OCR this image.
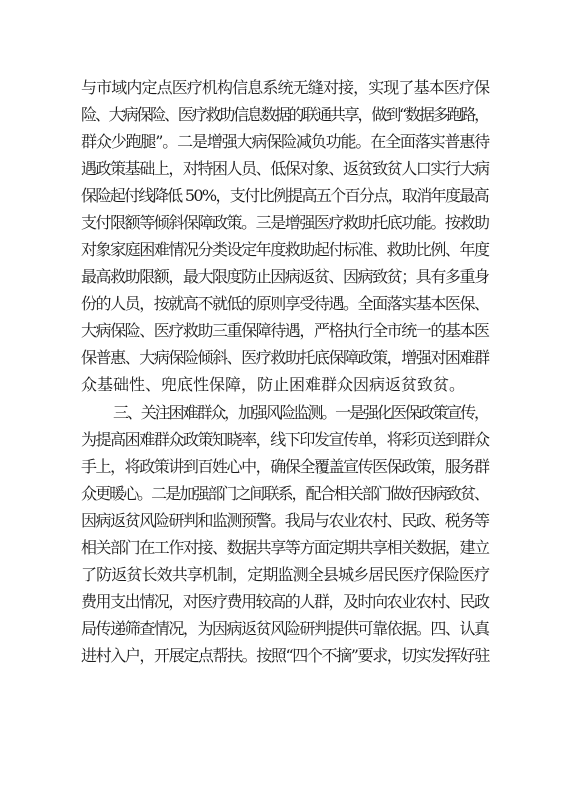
与市域内定点医疗机构信息系统无缝对接，实现了基本医疗保
险、大病保险、医疗救助信息数据的联通共享，做到“数据多跑路，
群众少跑腿”。二是增强大病保险减负功能。在全面落实普惠待
遇政策基础上，对特困人员、低保对象、返贫致贫人口实行大病
保险起付线降低 50%，支付比例提高五个百分点，取消年度最高
支付限额等倾斜保障政策。三是增强医疗救助托底功能。按救助
对象家庭困难情况分类设定年度救助起付标准、救助比例、年度
最高救助限额，最大限度防止因病返贫、因病致贫；具有多重身
份的人员，按就高不就低的原则享受待遇。全面落实基本医保、
大病保险、医疗救助三重保障待遇，严格执行全市统一的基本医
保普惠、大病保险倾斜、医疗救助托底保障政策，增强对困难群
众基础性、兜底性保障，防止困难群众因病返贫致贫。
三、关注困难群众，加强风险监测。一是强化医保政策宣传，
为提高困难群众政策知晓率，线下印发宣传单，将彩页送到群众
手上，将政策讲到百姓心中，确保全覆盖宣传医保政策，服务群
众更暖心。二是加强部门之间联系，配合相关部门做好因病致贫、
因病返贫风险研判和监测预警。我局与农业农村、民政、税务等
相关部门在工作对接、数据共享等方面定期共享相关数据，建立
了防返贫长效共享机制，定期监测全县城乡居民医疗保险医疗
费用支出情况，对医疗费用较高的人群，及时向农业农村、民政
局传递筛查情况，为因病返贫风险研判提供可靠依据。四、认真
进村入户，开展定点帮扶。按照“四个不摘”要求，切实发挥好驻
